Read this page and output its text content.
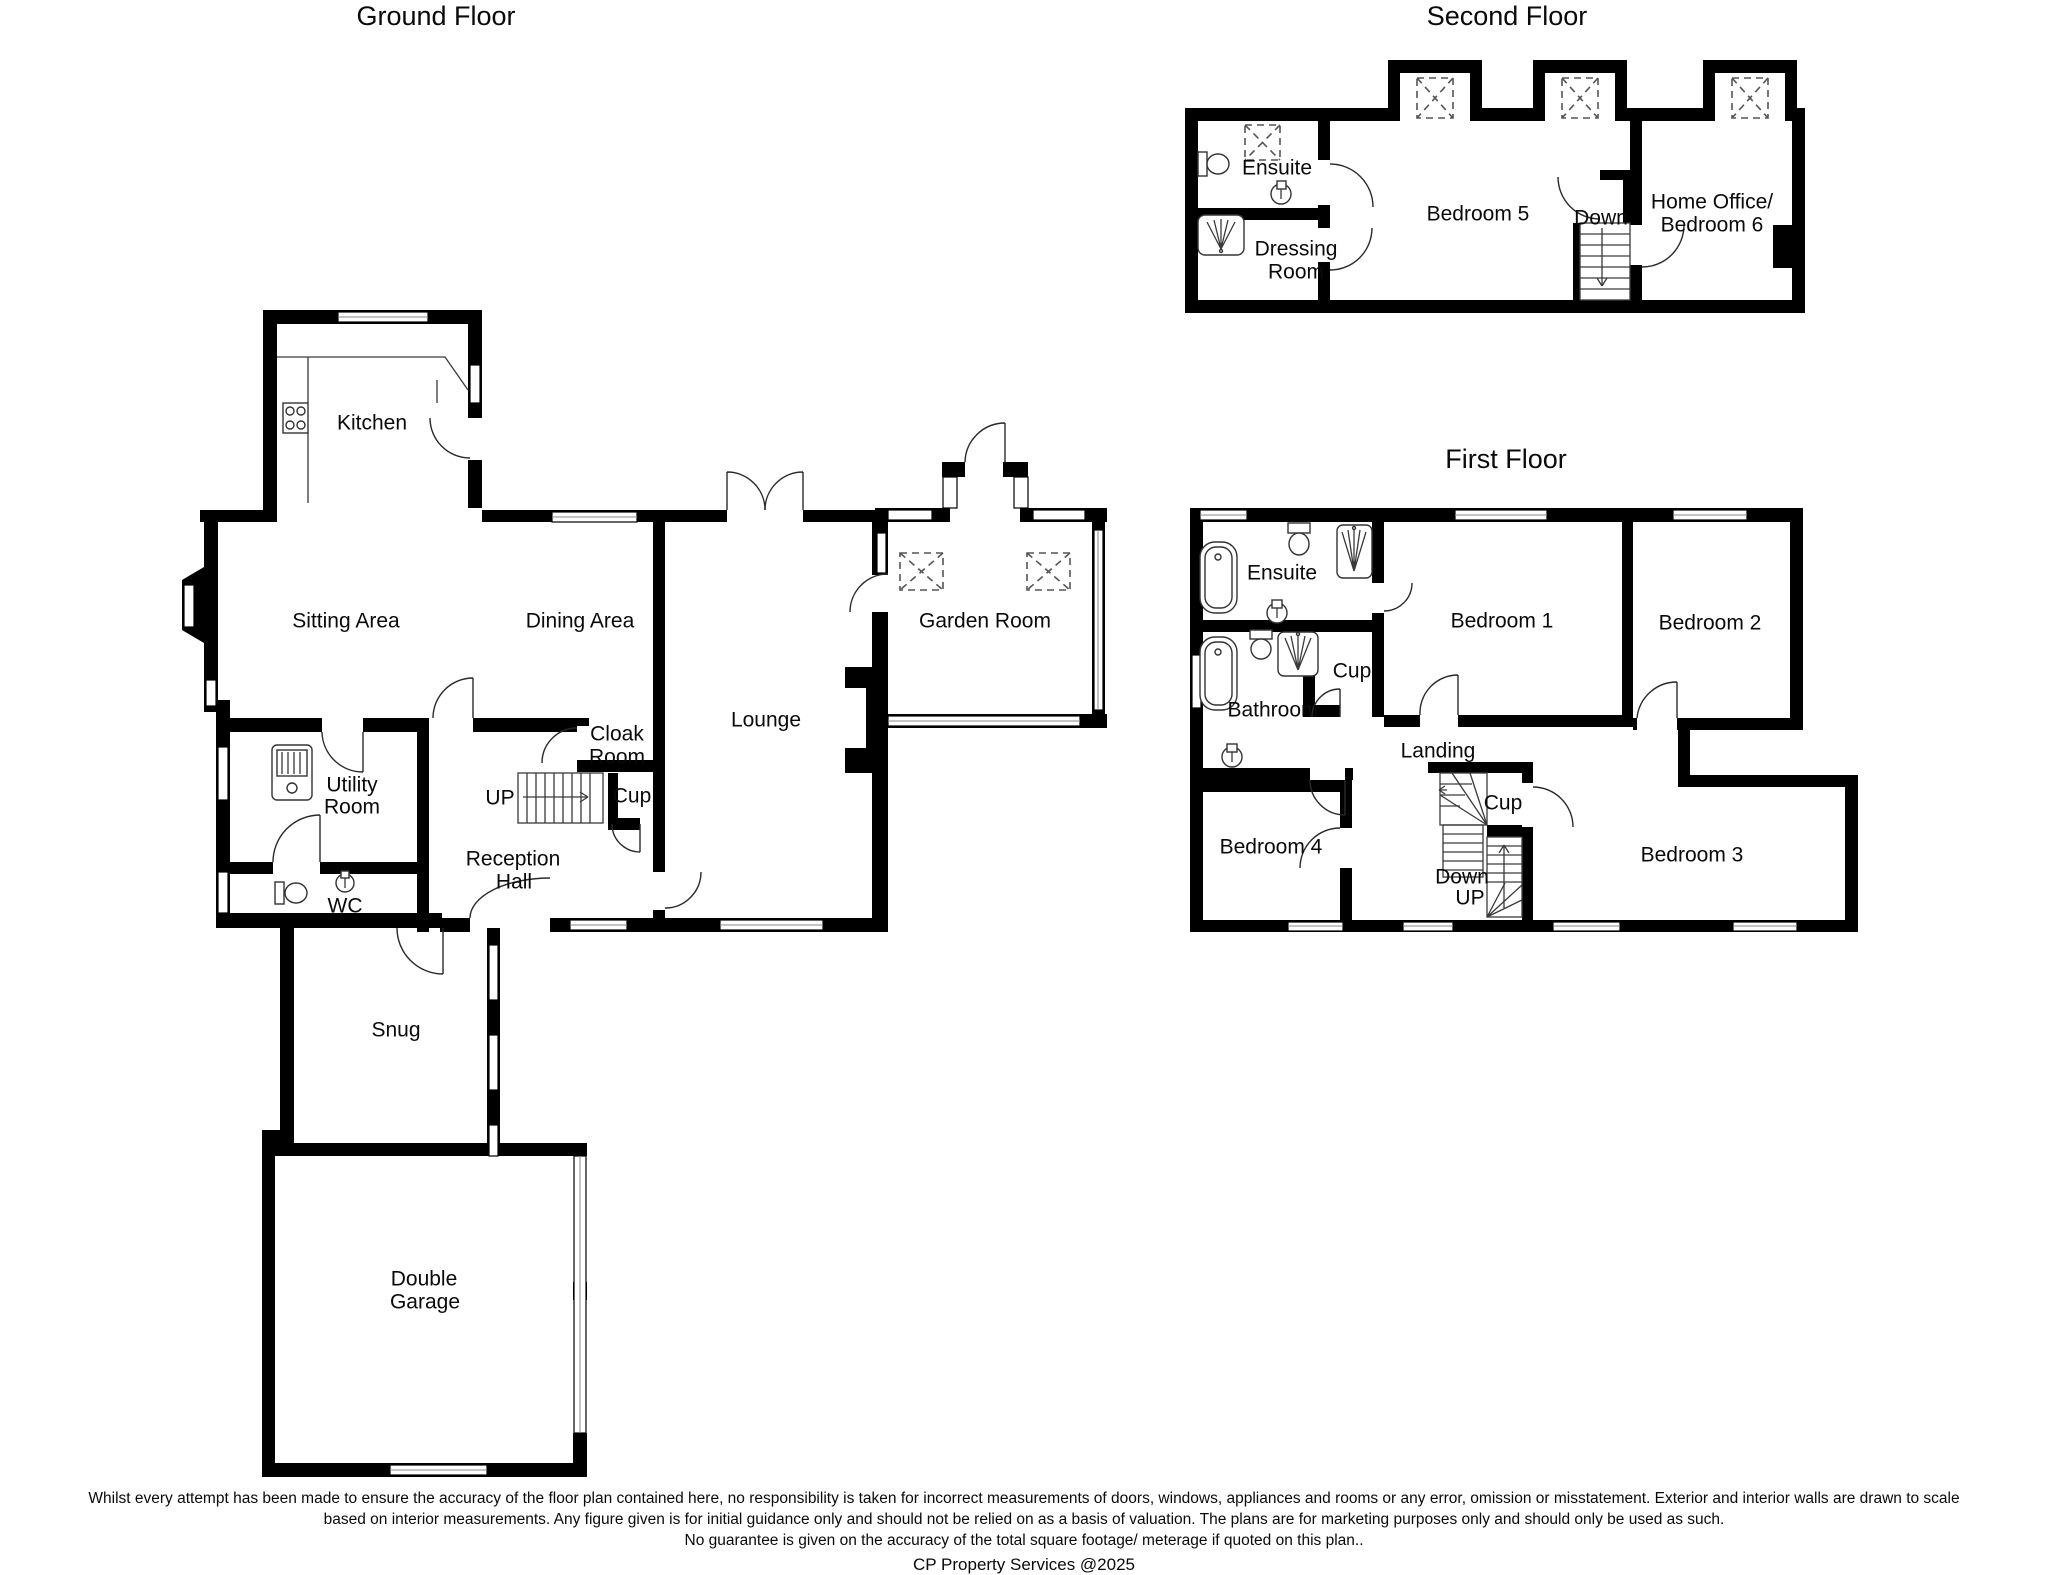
Ground Floor	Second Floor
First Floor
Kitchen
Sitting Area	Dining Area
Lounge
Garden Room
Cloak
Room
UP	Cup
Utility
Room
Reception
Hall
WC
Snug
Double
Garage
Ensuite
Dressing
Room
Bedroom 5 Down
Home Office/
Bedroom 6
Ensuite
Bathroom
Cup
Bedroom 1	Bedroom 2
Landing
Bedroom 4
Cup
Down
UP
Bedroom 3
Whilst every attempt has been made to ensure the accuracy of the floor plan contained here, no responsibility is taken for incorrect measurements of doors, windows, appliances and rooms or any error, omission or misstatement. Exterior and interior walls are drawn to scale
based on interior measurements. Any figure given is for initial guidance only and should not be relied on as a basis of valuation. The plans are for marketing purposes only and should only be used as such.
No guarantee is given on the accuracy of the total square footage/ meterage if quoted on this plan..
CP Property Services @2025
